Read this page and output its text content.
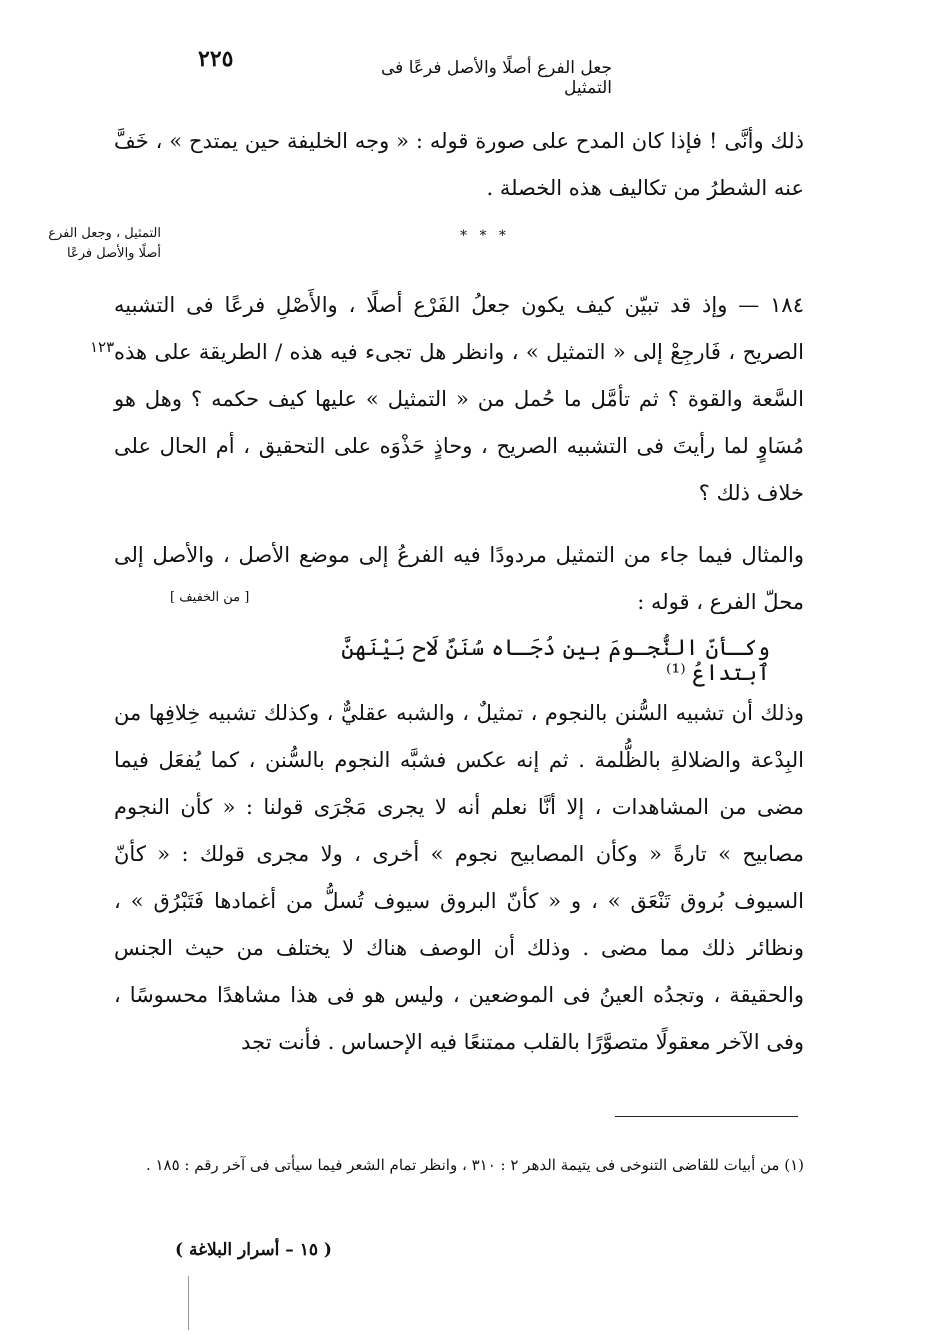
٢٢٥	جعل الفرع أصلًا والأصل فرعًا فى التمثيل
ذلك وأنَّى ! فإذا كان المدح على صورة قوله : « وجه الخليفة حين يمتدح » ، خَفَّ عنه الشطرُ من تكاليف هذه الخصلة .
* * *
التمثيل ، وجعل الفرع أصلًا والأصل فرعًا
١٢٣
١٨٤ — وإذ قد تبيّن كيف يكون جعلُ الفَرْع أصلًا ، والأَصْلِ فرعًا فى التشبيه الصريح ، فَارجِعْ إلى « التمثيل » ، وانظر هل تجىء فيه هذه / الطريقة على هذه السَّعة والقوة ؟ ثم تأمَّل ما حُمل من « التمثيل » عليها كيف حكمه ؟ وهل هو مُسَاوٍ لما رأيتَ فى التشبيه الصريح ، وحاذٍ حَذْوَه على التحقيق ، أم الحال على خلاف ذلك ؟
والمثال فيما جاء من التمثيل مردودًا فيه الفرعُ إلى موضع الأصل ، والأصل إلى محلّ الفرع ، قوله :
[ من الخفيف ]
وكـأنّ النُّجـومَ بين دُجَـاه سُنَنٌ لَاح بَيْنَهنَّ ٱبتداعُ ⁽¹⁾
وذلك أن تشبيه السُّنن بالنجوم ، تمثيلٌ ، والشبه عقليٌّ ، وكذلك تشبيه خِلافِها من البِدْعة والضلالةِ بالظُّلمة . ثم إنه عكس فشبَّه النجوم بالسُّنن ، كما يُفعَل فيما مضى من المشاهدات ، إلا أنَّا نعلم أنه لا يجرى مَجْرَى قولنا : « كأن النجوم مصابيح » تارةً « وكأن المصابيح نجوم » أخرى ، ولا مجرى قولك : « كأنّ السيوف بُروق تَنْعَق » ، و « كأنّ البروق سيوف تُسلُّ من أغمادها فَتَبْرُق » ، ونظائر ذلك مما مضى . وذلك أن الوصف هناك لا يختلف من حيث الجنس والحقيقة ، وتجدُه العينُ فى الموضعين ، وليس هو فى هذا مشاهدًا محسوسًا ، وفى الآخر معقولًا متصوَّرًا بالقلب ممتنعًا فيه الإحساس . فأنت تجد
(١) من أبيات للقاضى التنوخى فى يتيمة الدهر ٢ : ٣١٠ ، وانظر تمام الشعر فيما سيأتى فى آخر رقم : ١٨٥ .
( ١٥ – أسرار البلاغة )
